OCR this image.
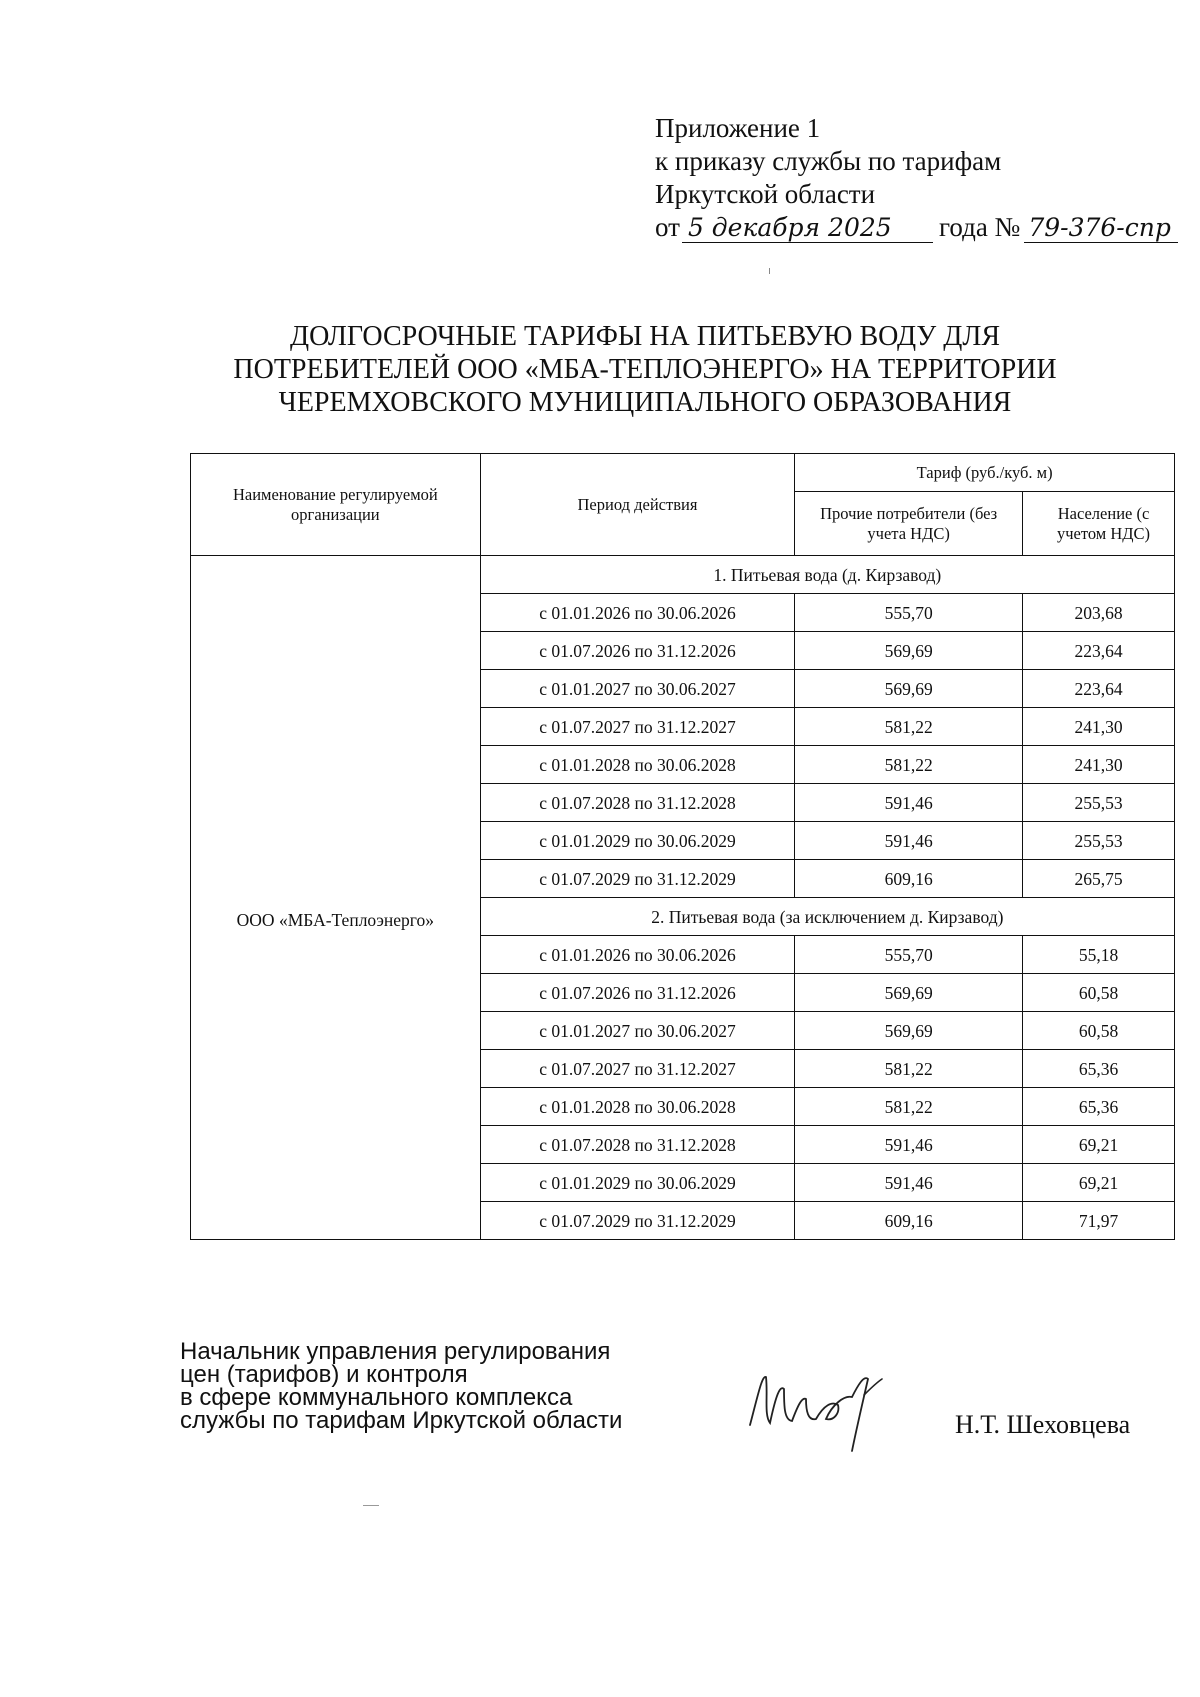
Приложение 1
к приказу службы по тарифам
Иркутской области
от 5 декабря 2025 года № 79-376-спр
ДОЛГОСРОЧНЫЕ ТАРИФЫ НА ПИТЬЕВУЮ ВОДУ ДЛЯ
ПОТРЕБИТЕЛЕЙ ООО «МБА-ТЕПЛОЭНЕРГО» НА ТЕРРИТОРИИ
ЧЕРЕМХОВСКОГО МУНИЦИПАЛЬНОГО ОБРАЗОВАНИЯ
Наименование регулируемой организации	Период действия	Тариф (руб./куб. м)	
		Прочие потребители (без учета НДС)	Население (с учетом НДС)
ООО «МБА-Теплоэнерго»	1. Питьевая вода (д. Кирзавод)		
	с 01.01.2026 по 30.06.2026	555,70	203,68
	с 01.07.2026 по 31.12.2026	569,69	223,64
	с 01.01.2027 по 30.06.2027	569,69	223,64
	с 01.07.2027 по 31.12.2027	581,22	241,30
	с 01.01.2028 по 30.06.2028	581,22	241,30
	с 01.07.2028 по 31.12.2028	591,46	255,53
	с 01.01.2029 по 30.06.2029	591,46	255,53
	с 01.07.2029 по 31.12.2029	609,16	265,75
	2. Питьевая вода (за исключением д. Кирзавод)		
	с 01.01.2026 по 30.06.2026	555,70	55,18
	с 01.07.2026 по 31.12.2026	569,69	60,58
	с 01.01.2027 по 30.06.2027	569,69	60,58
	с 01.07.2027 по 31.12.2027	581,22	65,36
	с 01.01.2028 по 30.06.2028	581,22	65,36
	с 01.07.2028 по 31.12.2028	591,46	69,21
	с 01.01.2029 по 30.06.2029	591,46	69,21
	с 01.07.2029 по 31.12.2029	609,16	71,97
Начальник управления регулирования
цен (тарифов) и контроля
в сфере коммунального комплекса
службы по тарифам Иркутской области	Н.Т. Шеховцева
